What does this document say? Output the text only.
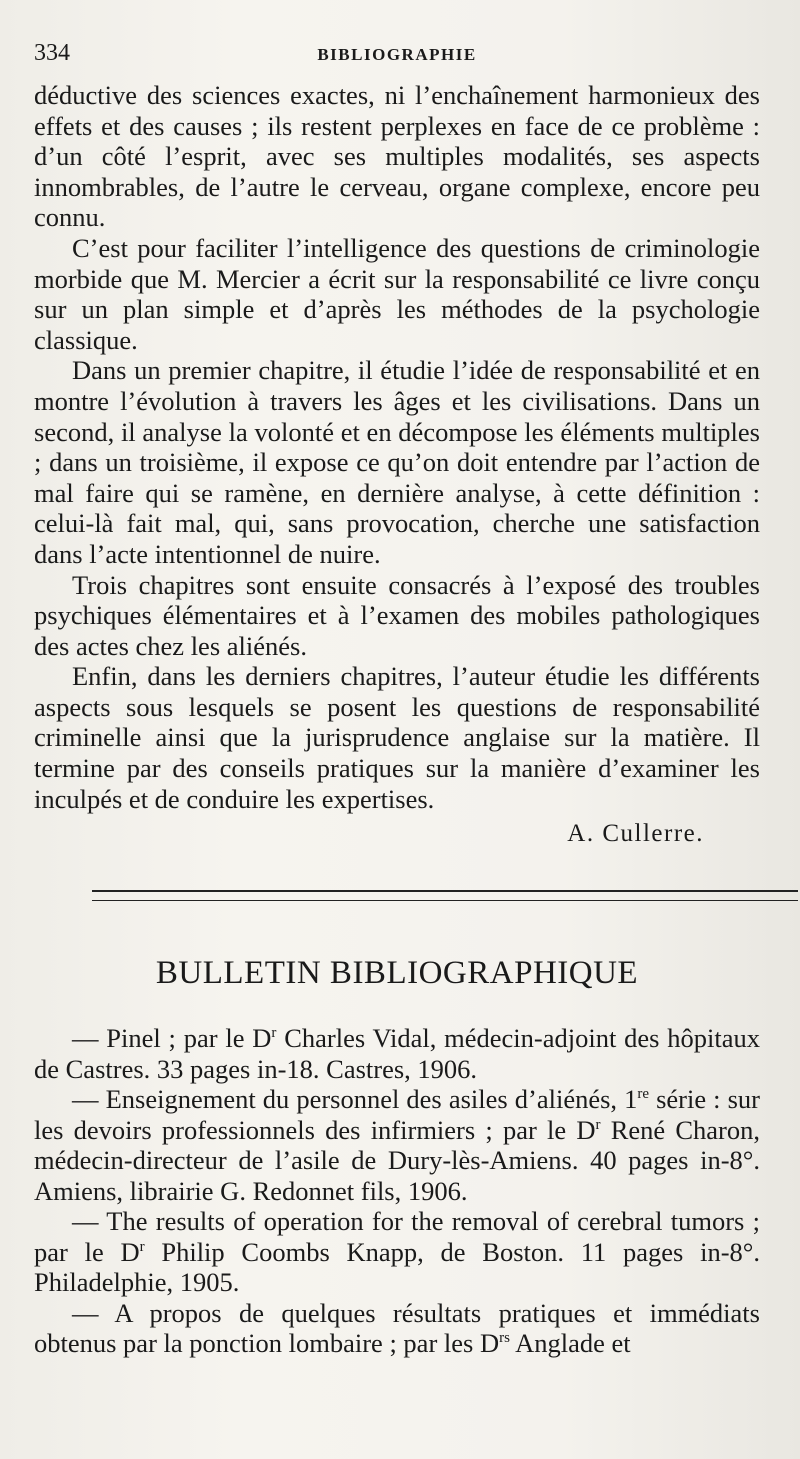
334	BIBLIOGRAPHIE

déductive des sciences exactes, ni l’enchaînement harmonieux des effets et des causes ; ils restent perplexes en face de ce problème : d’un côté l’esprit, avec ses multiples modalités, ses aspects innombrables, de l’autre le cerveau, organe complexe, encore peu connu.

C’est pour faciliter l’intelligence des questions de criminologie morbide que M. Mercier a écrit sur la responsabilité ce livre conçu sur un plan simple et d’après les méthodes de la psychologie classique.

Dans un premier chapitre, il étudie l’idée de responsabilité et en montre l’évolution à travers les âges et les civilisations. Dans un second, il analyse la volonté et en décompose les éléments multiples ; dans un troisième, il expose ce qu’on doit entendre par l’action de mal faire qui se ramène, en dernière analyse, à cette définition : celui-là fait mal, qui, sans provocation, cherche une satisfaction dans l’acte intentionnel de nuire.

Trois chapitres sont ensuite consacrés à l’exposé des troubles psychiques élémentaires et à l’examen des mobiles pathologiques des actes chez les aliénés.

Enfin, dans les derniers chapitres, l’auteur étudie les différents aspects sous lesquels se posent les questions de responsabilité criminelle ainsi que la jurisprudence anglaise sur la matière. Il termine par des conseils pratiques sur la manière d’examiner les inculpés et de conduire les expertises.

A. Cullerre.
BULLETIN BIBLIOGRAPHIQUE

— Pinel ; par le $D^r$ Charles Vidal, médecin-adjoint des hôpitaux de Castres. 33 pages in-18. Castres, 1906.

— Enseignement du personnel des asiles d’aliénés, 1re série : sur les devoirs professionnels des infirmiers ; par le $D^r$ René Charon, médecin-directeur de l’asile de Dury-lès-Amiens. 40 pages in-8°. Amiens, librairie G. Redonnet fils, 1906.

— The results of operation for the removal of cerebral tumors ; par le $D^r$ Philip Coombs Knapp, de Boston. 11 pages in-8°. Philadelphie, 1905.

— A propos de quelques résultats pratiques et immédiats obtenus par la ponction lombaire ; par les $D^{rs}$ Anglade et
